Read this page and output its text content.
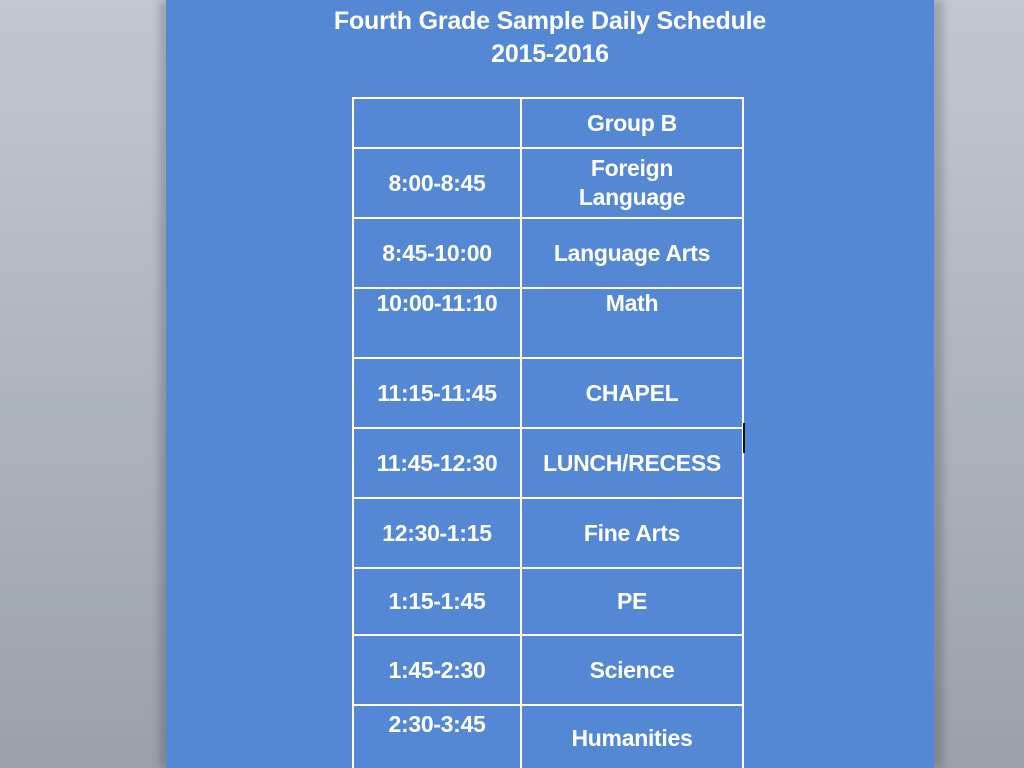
Fourth Grade Sample Daily Schedule
2015-2016
	Group B
8:00-8:45	Foreign Language
8:45-10:00	Language Arts
10:00-11:10	Math
11:15-11:45	CHAPEL
11:45-12:30	LUNCH/RECESS
12:30-1:15	Fine Arts
1:15-1:45	PE
1:45-2:30	Science
2:30-3:45	Humanities
